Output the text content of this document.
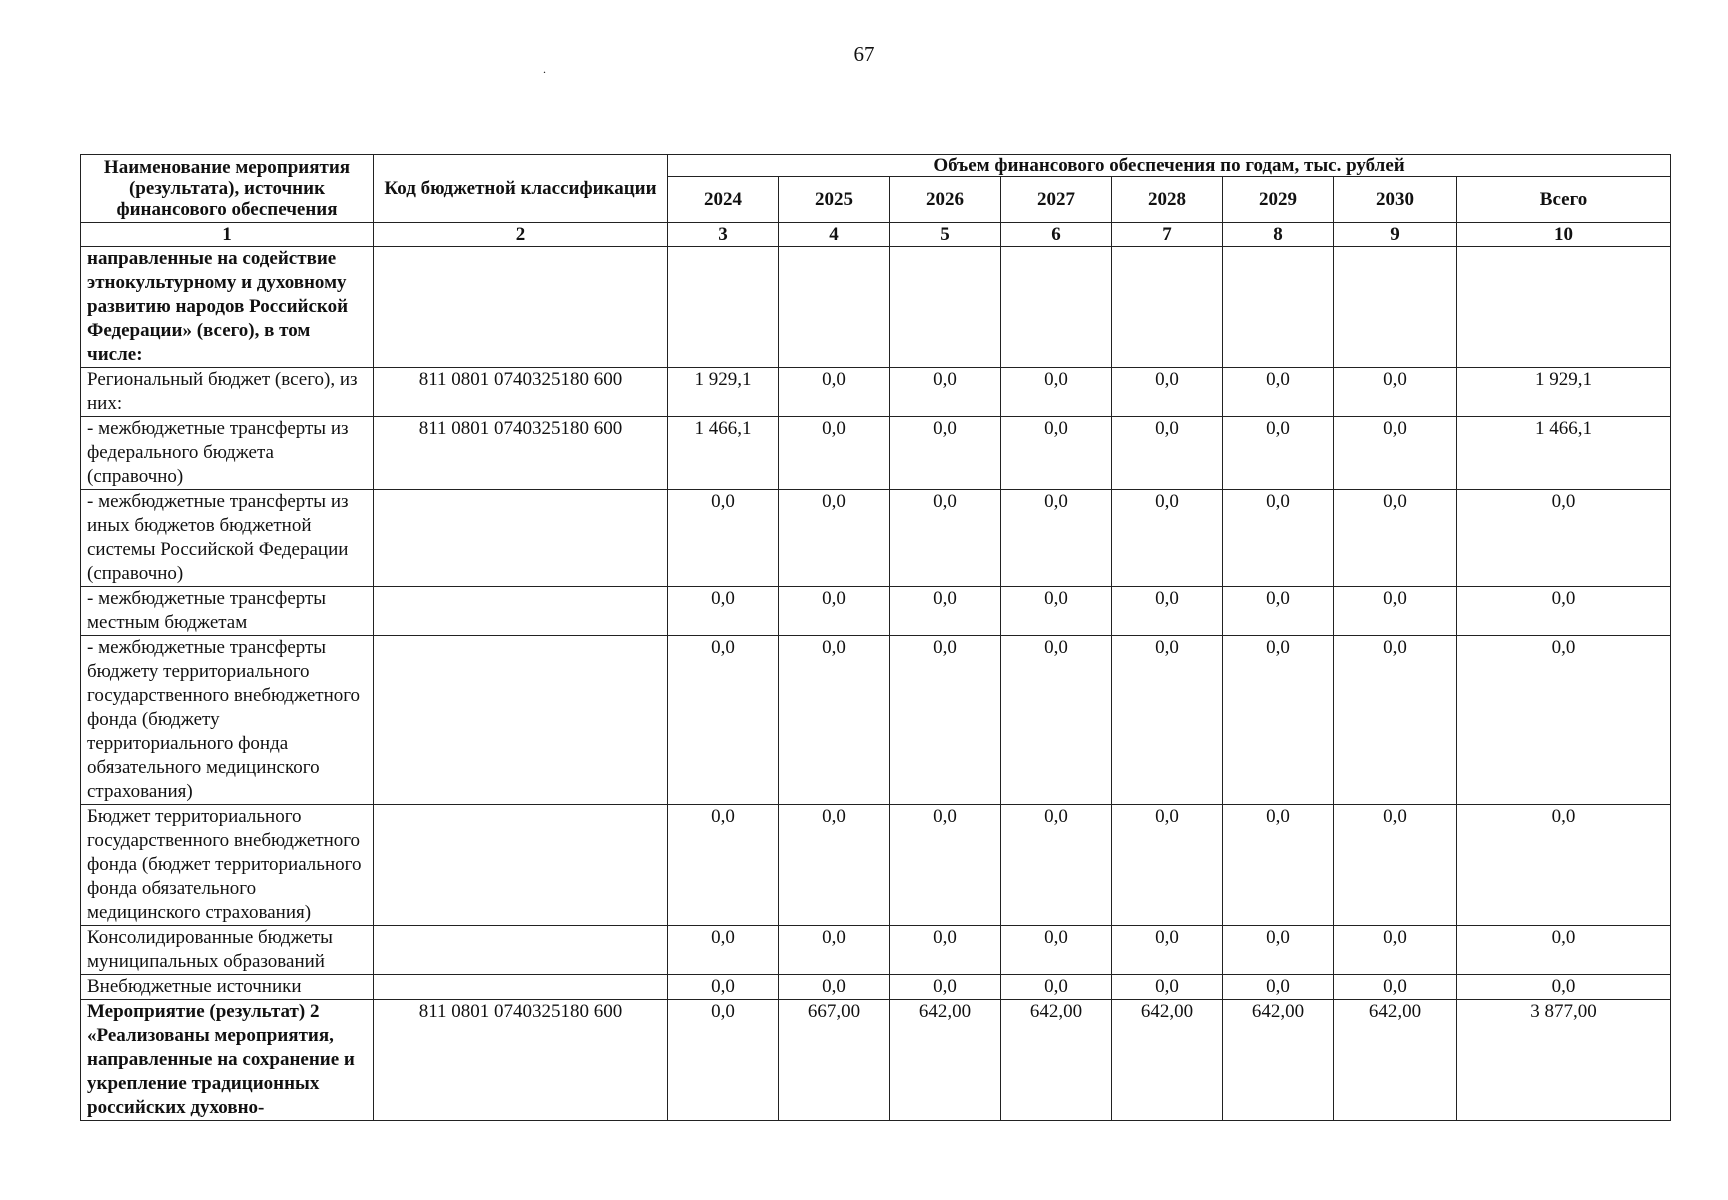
67
.
Наименование мероприятия (результата), источник финансового обеспечения	Код бюджетной классификации	Объем финансового обеспечения по годам, тыс. рублей							
		2024	2025	2026	2027	2028	2029	2030	Всего
1	2	3	4	5	6	7	8	9	10
направленные на содействие этнокультурному и духовному развитию народов Российской Федерации» (всего), в том числе:									
Региональный бюджет (всего), из них:	811 0801 0740325180 600	1 929,1	0,0	0,0	0,0	0,0	0,0	0,0	1 929,1
- межбюджетные трансферты из федерального бюджета (справочно)	811 0801 0740325180 600	1 466,1	0,0	0,0	0,0	0,0	0,0	0,0	1 466,1
- межбюджетные трансферты из иных бюджетов бюджетной системы Российской Федерации (справочно)		0,0	0,0	0,0	0,0	0,0	0,0	0,0	0,0
- межбюджетные трансферты местным бюджетам		0,0	0,0	0,0	0,0	0,0	0,0	0,0	0,0
- межбюджетные трансферты бюджету территориального государственного внебюджетного фонда (бюджету территориального фонда обязательного медицинского страхования)		0,0	0,0	0,0	0,0	0,0	0,0	0,0	0,0
Бюджет территориального государственного внебюджетного фонда (бюджет территориального фонда обязательного медицинского страхования)		0,0	0,0	0,0	0,0	0,0	0,0	0,0	0,0
Консолидированные бюджеты муниципальных образований		0,0	0,0	0,0	0,0	0,0	0,0	0,0	0,0
Внебюджетные источники		0,0	0,0	0,0	0,0	0,0	0,0	0,0	0,0
Мероприятие (результат) 2 «Реализованы мероприятия, направленные на сохранение и укрепление традиционных российских духовно-	811 0801 0740325180 600	0,0	667,00	642,00	642,00	642,00	642,00	642,00	3 877,00
